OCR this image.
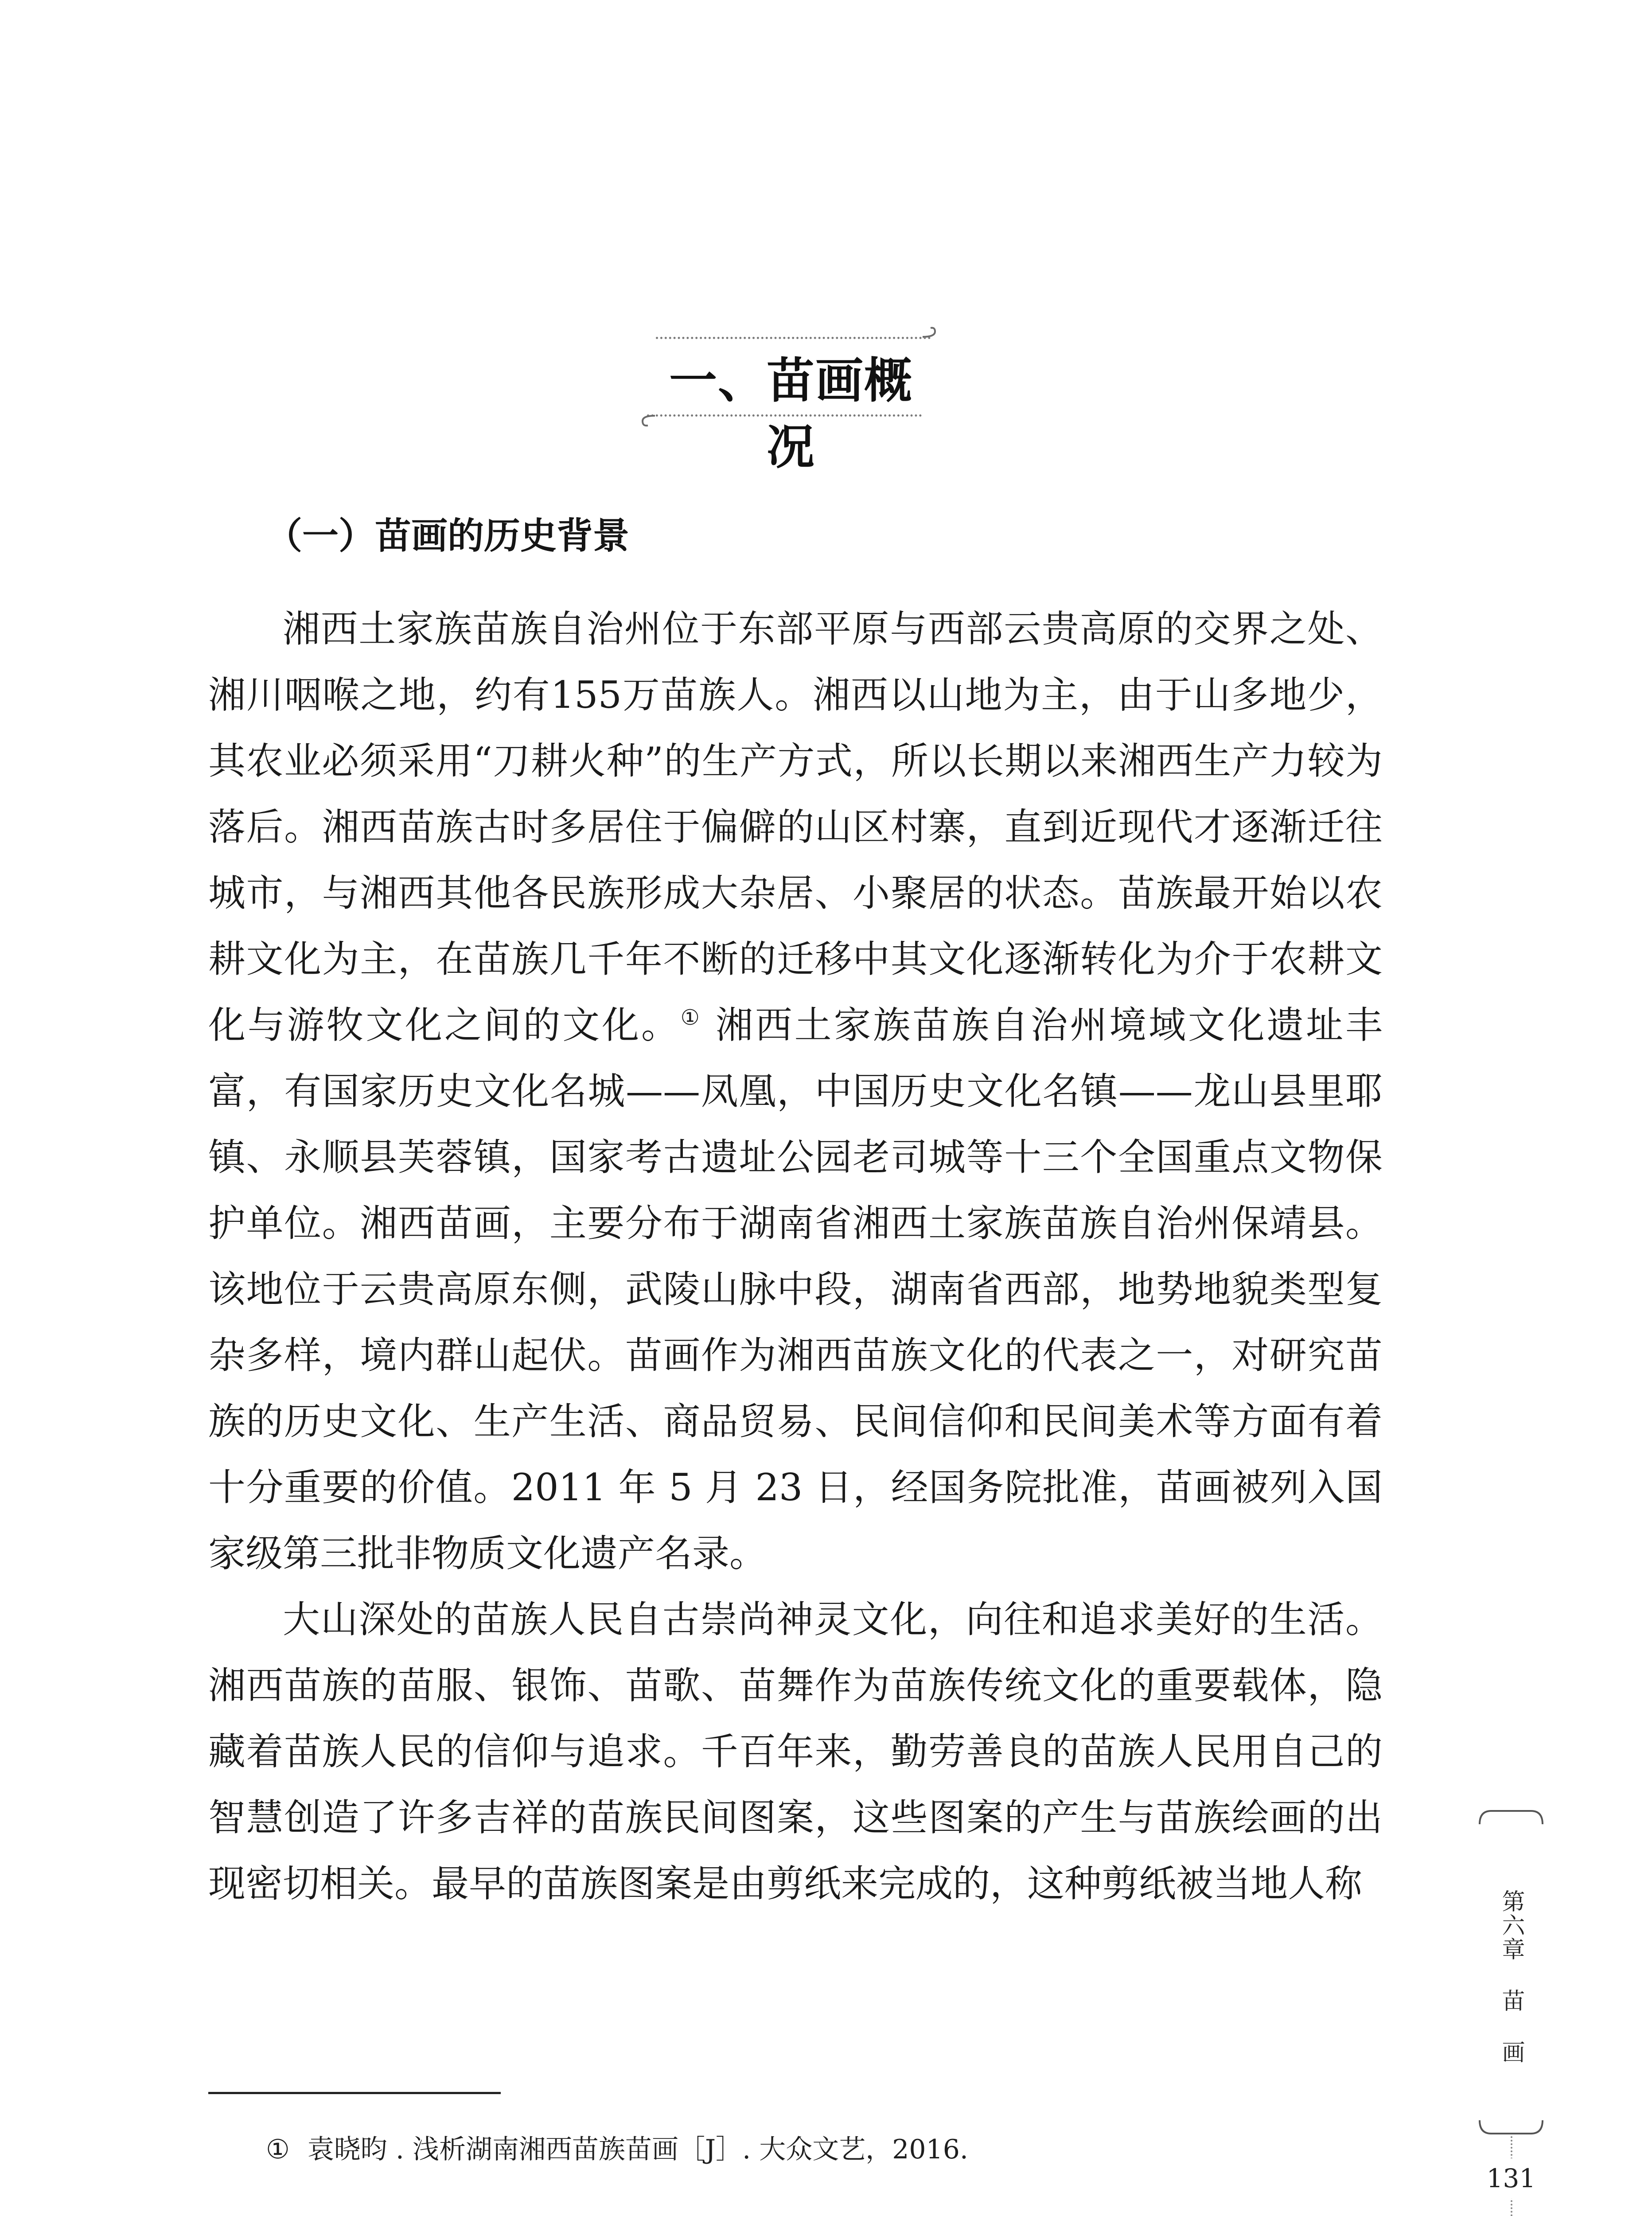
一、苗画概况
（一）苗画的历史背景

湘西土家族苗族自治州位于东部平原与西部云贵高原的交界之处、湘川咽喉之地，约有155万苗族人。湘西以山地为主，由于山多地少，其农业必须采用“刀耕火种”的生产方式，所以长期以来湘西生产力较为落后。湘西苗族古时多居住于偏僻的山区村寨，直到近现代才逐渐迁往城市，与湘西其他各民族形成大杂居、小聚居的状态。苗族最开始以农耕文化为主，在苗族几千年不断的迁移中其文化逐渐转化为介于农耕文化与游牧文化之间的文化。① 湘西土家族苗族自治州境域文化遗址丰富，有国家历史文化名城——凤凰，中国历史文化名镇——龙山县里耶镇、永顺县芙蓉镇，国家考古遗址公园老司城等十三个全国重点文物保护单位。湘西苗画，主要分布于湖南省湘西土家族苗族自治州保靖县。该地位于云贵高原东侧，武陵山脉中段，湖南省西部，地势地貌类型复杂多样，境内群山起伏。苗画作为湘西苗族文化的代表之一，对研究苗族的历史文化、生产生活、商品贸易、民间信仰和民间美术等方面有着十分重要的价值。2011 年 5 月 23 日，经国务院批准，苗画被列入国家级第三批非物质文化遗产名录。

大山深处的苗族人民自古崇尚神灵文化，向往和追求美好的生活。湘西苗族的苗服、银饰、苗歌、苗舞作为苗族传统文化的重要载体，隐藏着苗族人民的信仰与追求。千百年来，勤劳善良的苗族人民用自己的智慧创造了许多吉祥的苗族民间图案，这些图案的产生与苗族绘画的出现密切相关。最早的苗族图案是由剪纸来完成的，这种剪纸被当地人称

① 袁晓昀 . 浅析湖南湘西苗族苗画［J］. 大众文艺，2016.
第六章 苗 画
131
